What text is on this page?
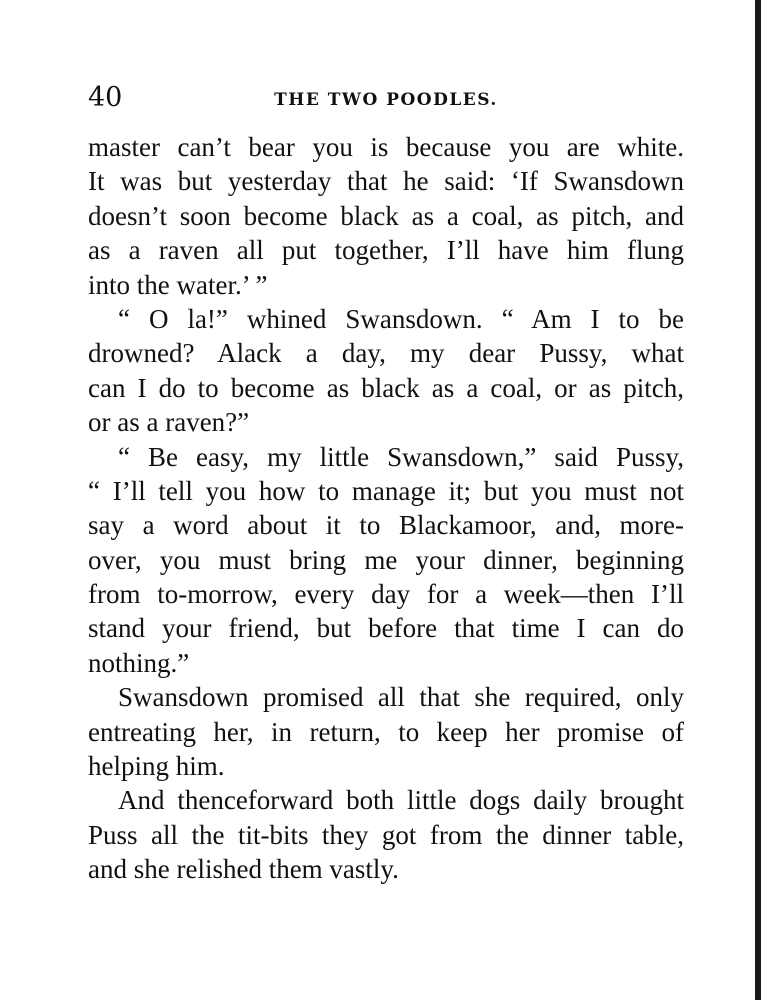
40	THE TWO POODLES.
master can’t bear you is because you are white.
It was but yesterday that he said: ‘If Swansdown
doesn’t soon become black as a coal, as pitch, and
as a raven all put together, I’ll have him flung
into the water.’ ”
“ O la!” whined Swansdown. “ Am I to be
drowned? Alack a day, my dear Pussy, what
can I do to become as black as a coal, or as pitch,
or as a raven?”
“ Be easy, my little Swansdown,” said Pussy,
“ I’ll tell you how to manage it; but you must not
say a word about it to Blackamoor, and, more-
over, you must bring me your dinner, beginning
from to-morrow, every day for a week—then I’ll
stand your friend, but before that time I can do
nothing.”
Swansdown promised all that she required, only
entreating her, in return, to keep her promise of
helping him.
And thenceforward both little dogs daily brought
Puss all the tit-bits they got from the dinner table,
and she relished them vastly.
